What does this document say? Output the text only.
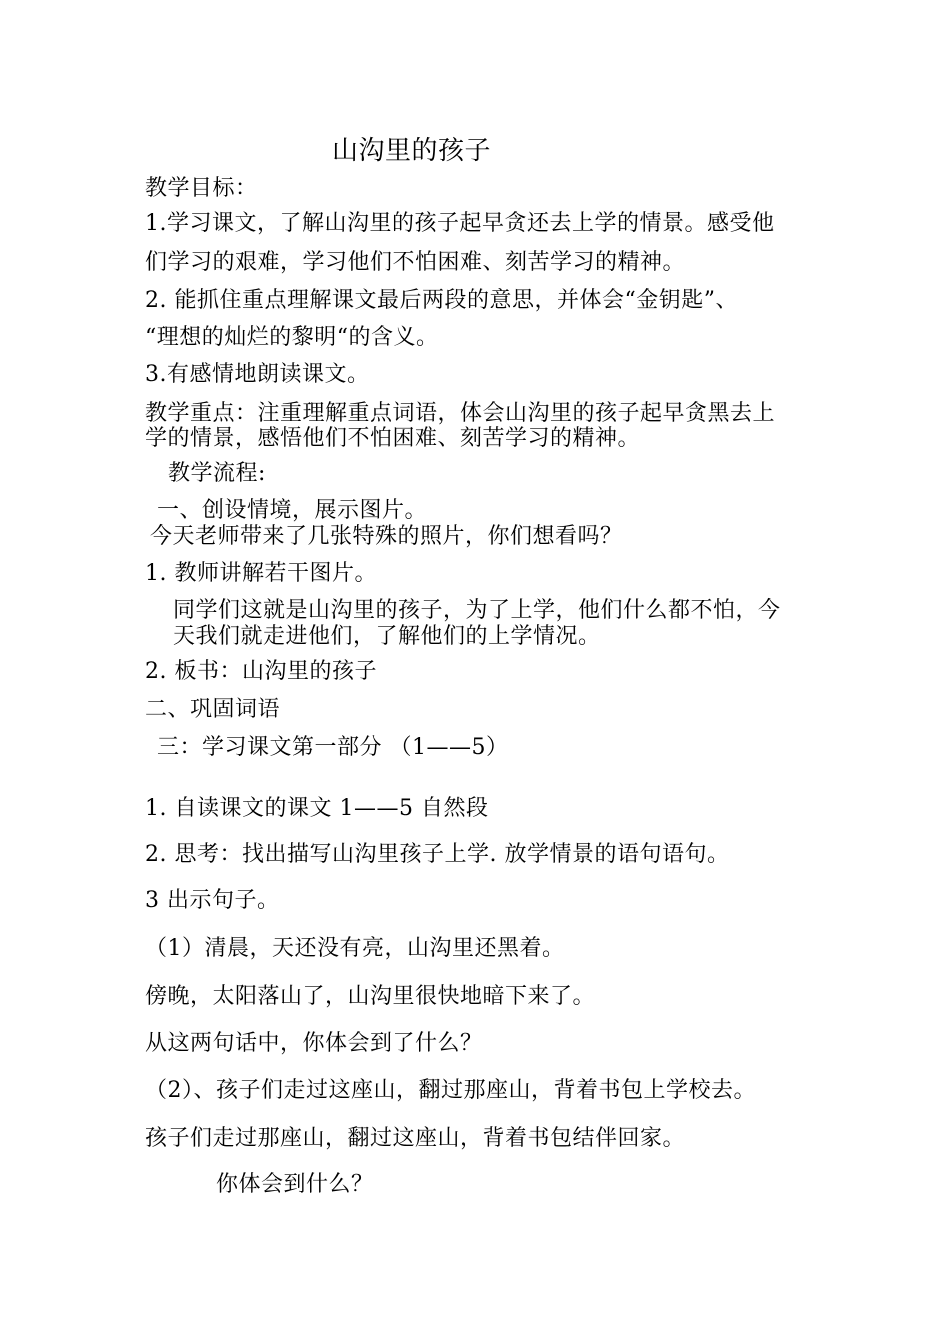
山沟里的孩子
教学目标：
1.学习课文，了解山沟里的孩子起早贪还去上学的情景。感受他
们学习的艰难，学习他们不怕困难、刻苦学习的精神。
2. 能抓住重点理解课文最后两段的意思，并体会“金钥匙”、
“理想的灿烂的黎明“的含义。
3.有感情地朗读课文。
教学重点：注重理解重点词语，体会山沟里的孩子起早贪黑去上
学的情景，感悟他们不怕困难、刻苦学习的精神。
教学流程:
一、创设情境，展示图片。
今天老师带来了几张特殊的照片，你们想看吗？
1. 教师讲解若干图片。
同学们这就是山沟里的孩子，为了上学，他们什么都不怕，今
天我们就走进他们，了解他们的上学情况。
2. 板书：山沟里的孩子
二、巩固词语
三：学习课文第一部分 （1——5）
1. 自读课文的课文 1——5 自然段
2. 思考：找出描写山沟里孩子上学. 放学情景的语句语句。
3 出示句子。
（1）清晨，天还没有亮，山沟里还黑着。
傍晚，太阳落山了，山沟里很快地暗下来了。
从这两句话中，你体会到了什么？
（2）、孩子们走过这座山，翻过那座山，背着书包上学校去。
孩子们走过那座山，翻过这座山，背着书包结伴回家。
你体会到什么？
